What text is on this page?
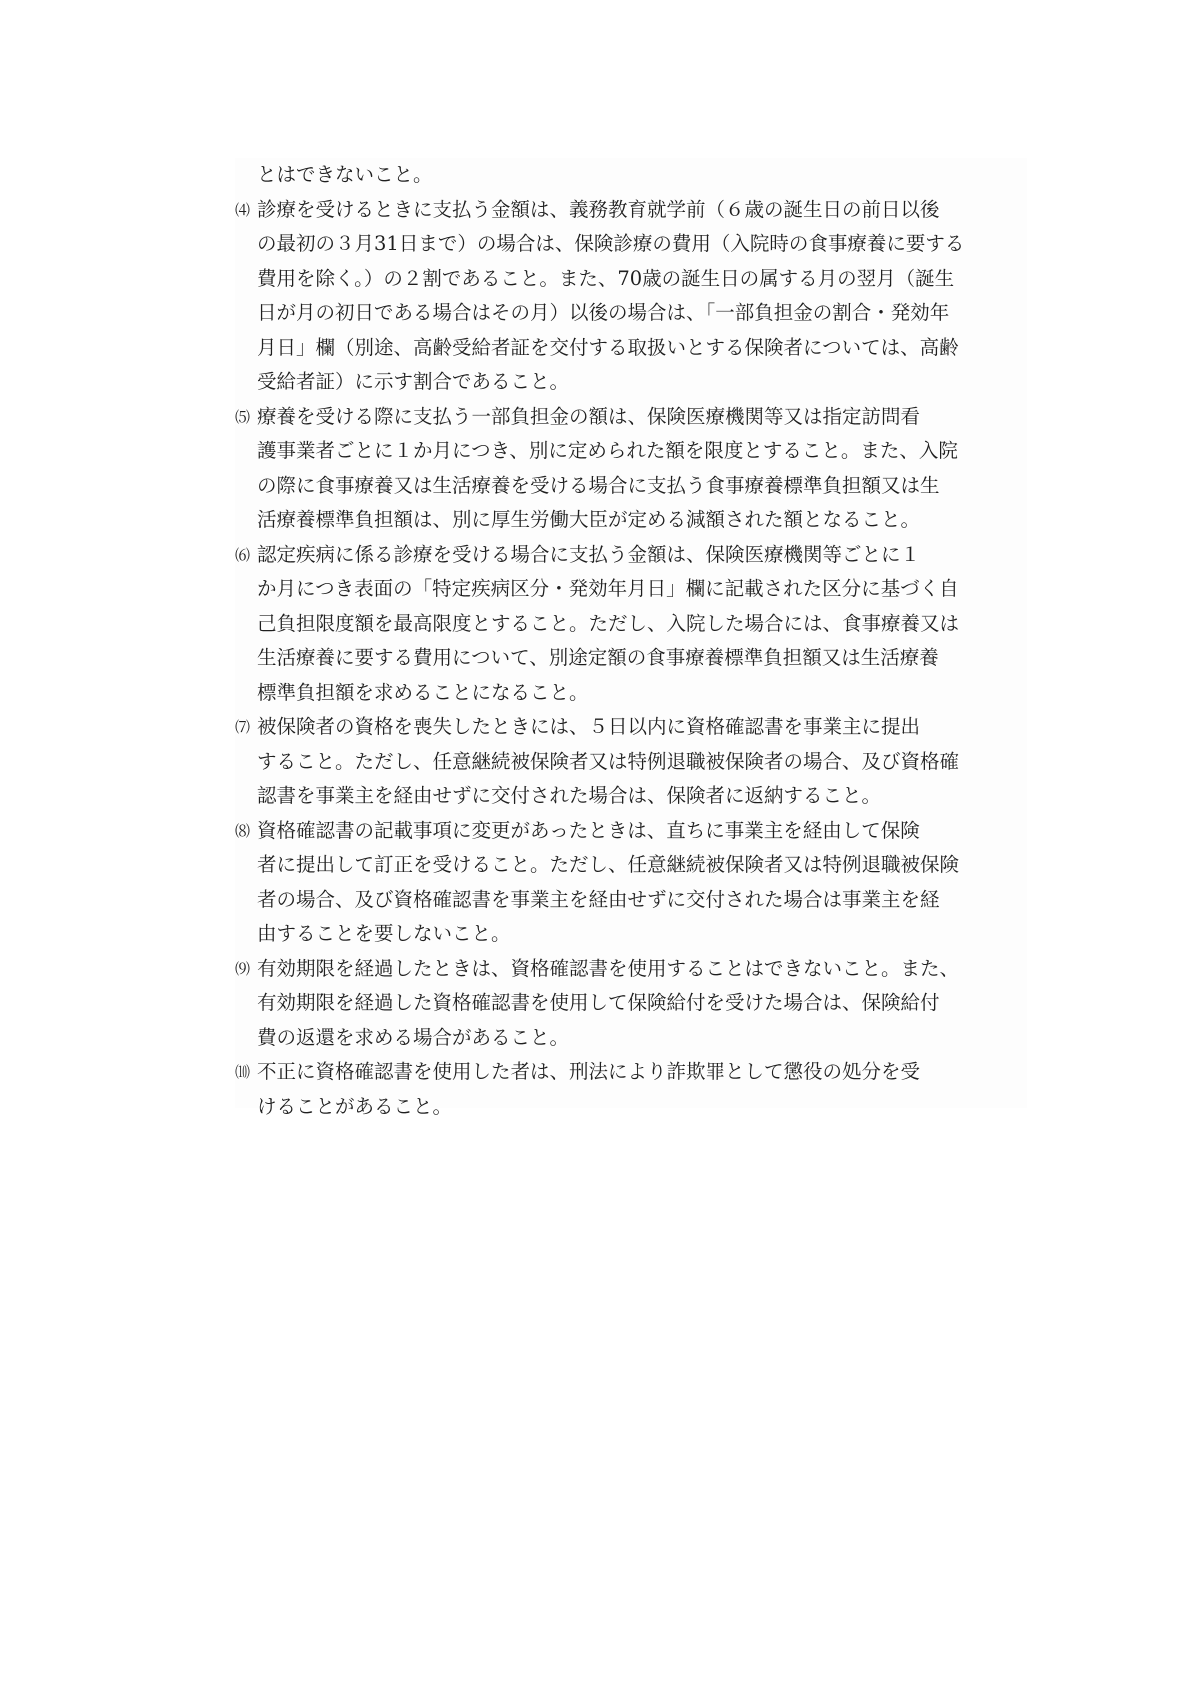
とはできないこと。
⑷ 診療を受けるときに支払う金額は、義務教育就学前（６歳の誕生日の前日以後
の最初の３月31日まで）の場合は、保険診療の費用（入院時の食事療養に要する
費用を除く。）の２割であること。また、70歳の誕生日の属する月の翌月（誕生
日が月の初日である場合はその月）以後の場合は、「一部負担金の割合・発効年
月日」欄（別途、高齢受給者証を交付する取扱いとする保険者については、高齢
受給者証）に示す割合であること。
⑸ 療養を受ける際に支払う一部負担金の額は、保険医療機関等又は指定訪問看
護事業者ごとに１か月につき、別に定められた額を限度とすること。また、入院
の際に食事療養又は生活療養を受ける場合に支払う食事療養標準負担額又は生
活療養標準負担額は、別に厚生労働大臣が定める減額された額となること。
⑹ 認定疾病に係る診療を受ける場合に支払う金額は、保険医療機関等ごとに１
か月につき表面の「特定疾病区分・発効年月日」欄に記載された区分に基づく自
己負担限度額を最高限度とすること。ただし、入院した場合には、食事療養又は
生活療養に要する費用について、別途定額の食事療養標準負担額又は生活療養
標準負担額を求めることになること。
⑺ 被保険者の資格を喪失したときには、５日以内に資格確認書を事業主に提出
すること。ただし、任意継続被保険者又は特例退職被保険者の場合、及び資格確
認書を事業主を経由せずに交付された場合は、保険者に返納すること。
⑻ 資格確認書の記載事項に変更があったときは、直ちに事業主を経由して保険
者に提出して訂正を受けること。ただし、任意継続被保険者又は特例退職被保険
者の場合、及び資格確認書を事業主を経由せずに交付された場合は事業主を経
由することを要しないこと。
⑼ 有効期限を経過したときは、資格確認書を使用することはできないこと。また、
有効期限を経過した資格確認書を使用して保険給付を受けた場合は、保険給付
費の返還を求める場合があること。
⑽ 不正に資格確認書を使用した者は、刑法により詐欺罪として懲役の処分を受
けることがあること。
